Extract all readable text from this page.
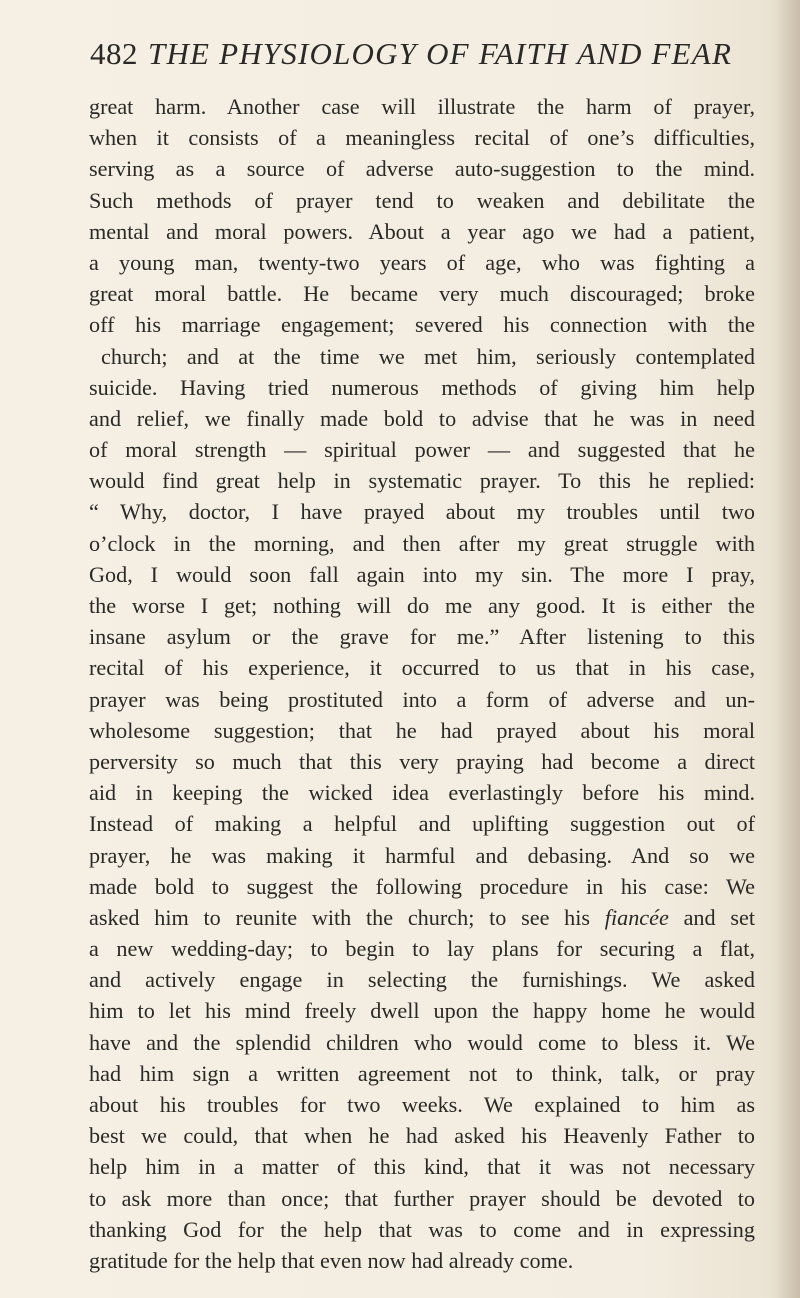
482 THE PHYSIOLOGY OF FAITH AND FEAR
great harm. Another case will illustrate the harm of prayer,
when it consists of a meaningless recital of one’s difficulties,
serving as a source of adverse auto-suggestion to the mind.
Such methods of prayer tend to weaken and debilitate the
mental and moral powers. About a year ago we had a patient,
a young man, twenty-two years of age, who was fighting a
great moral battle. He became very much discouraged; broke
off his marriage engagement; severed his connection with the
church; and at the time we met him, seriously contemplated
suicide. Having tried numerous methods of giving him help
and relief, we finally made bold to advise that he was in need
of moral strength — spiritual power — and suggested that he
would find great help in systematic prayer. To this he replied:
“ Why, doctor, I have prayed about my troubles until two
o’clock in the morning, and then after my great struggle with
God, I would soon fall again into my sin. The more I pray,
the worse I get; nothing will do me any good. It is either the
insane asylum or the grave for me.” After listening to this
recital of his experience, it occurred to us that in his case,
prayer was being prostituted into a form of adverse and un-
wholesome suggestion; that he had prayed about his moral
perversity so much that this very praying had become a direct
aid in keeping the wicked idea everlastingly before his mind.
Instead of making a helpful and uplifting suggestion out of
prayer, he was making it harmful and debasing. And so we
made bold to suggest the following procedure in his case: We
asked him to reunite with the church; to see his fiancée and set
a new wedding-day; to begin to lay plans for securing a flat,
and actively engage in selecting the furnishings. We asked
him to let his mind freely dwell upon the happy home he would
have and the splendid children who would come to bless it. We
had him sign a written agreement not to think, talk, or pray
about his troubles for two weeks. We explained to him as
best we could, that when he had asked his Heavenly Father to
help him in a matter of this kind, that it was not necessary
to ask more than once; that further prayer should be devoted to
thanking God for the help that was to come and in expressing
gratitude for the help that even now had already come.
